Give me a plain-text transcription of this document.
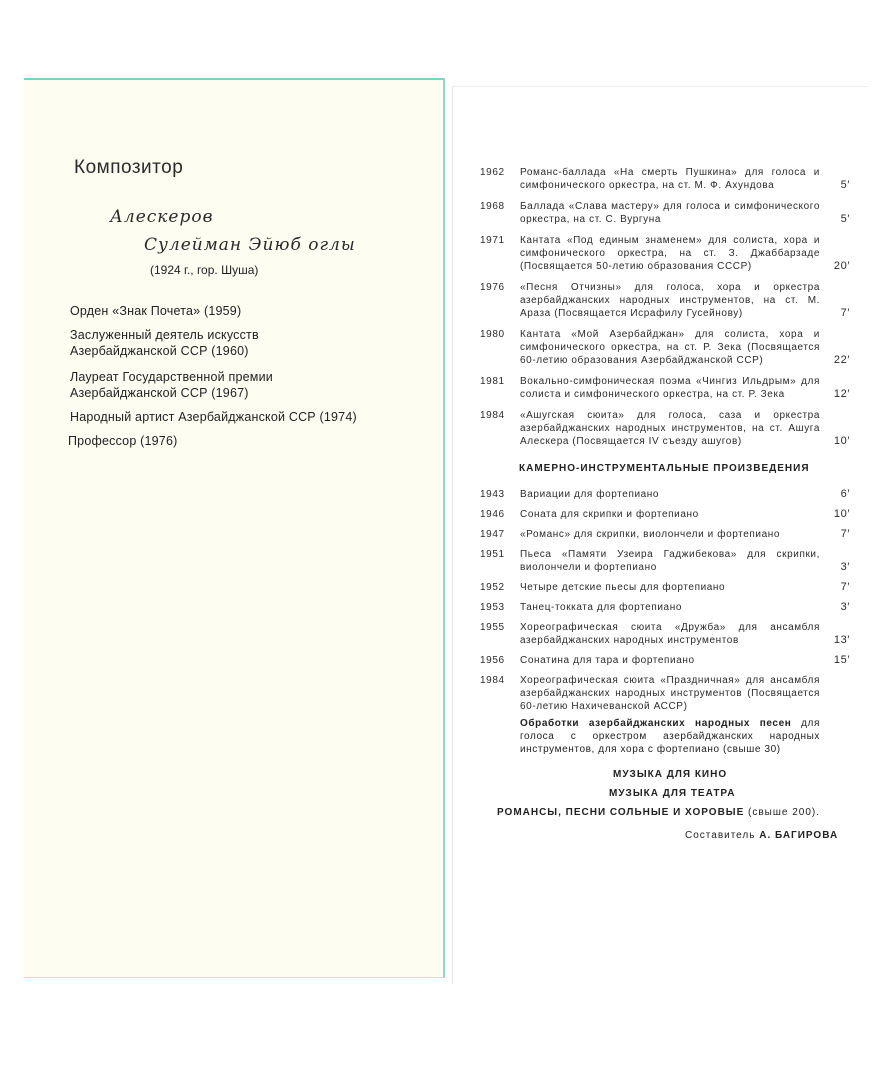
Композитор
Алескеров
Сулейман Эйюб оглы
(1924 г., гор. Шуша)
Орден «Знак Почета» (1959)
Заслуженный деятель искусств Азербайджанской ССР (1960)
Лауреат Государственной премии Азербайджанской ССР (1967)
Народный артист Азербайджанской ССР (1974)
Профессор (1976)
1962	Романс-баллада «На смерть Пушкина» для голоса и симфонического оркестра, на ст. М. Ф. Ахундова	5′
1968	Баллада «Слава мастеру» для голоса и симфонического оркестра, на ст. С. Вургуна	5′
1971	Кантата «Под единым знаменем» для солиста, хора и симфонического оркестра, на ст. З. Джаббарзаде (Посвящается 50-летию образования СССР)	20′
1976	«Песня Отчизны» для голоса, хора и оркестра азербайджанских народных инструментов, на ст. М. Араза (Посвящается Исрафилу Гусейнову)	7′
1980	Кантата «Мой Азербайджан» для солиста, хора и симфонического оркестра, на ст. Р. Зека (Посвящается 60-летию образования Азербайджанской ССР)	22′
1981	Вокально-симфоническая поэма «Чингиз Ильдрым» для солиста и симфонического оркестра, на ст. Р. Зека	12′
1984	«Ашугская сюита» для голоса, саза и оркестра азербайджанских народных инструментов, на ст. Ашуга Алескера (Посвящается IV съезду ашугов)	10′
КАМЕРНО-ИНСТРУМЕНТАЛЬНЫЕ ПРОИЗВЕДЕНИЯ
1943	Вариации для фортепиано	6′
1946	Соната для скрипки и фортепиано	10′
1947	«Романс» для скрипки, виолончели и фортепиано	7′
1951	Пьеса «Памяти Узеира Гаджибекова» для скрипки, виолончели и фортепиано	3′
1952	Четыре детские пьесы для фортепиано	7′
1953	Танец-токката для фортепиано	3′
1955	Хореографическая сюита «Дружба» для ансамбля азербайджанских народных инструментов	13′
1956	Сонатина для тара и фортепиано	15′
1984	Хореографическая сюита «Праздничная» для ансамбля азербайджанских народных инструментов (Посвящается 60-летию Нахичеванской АССР)
Обработки азербайджанских народных песен для голоса с оркестром азербайджанских народных инструментов, для хора с фортепиано (свыше 30)
МУЗЫКА ДЛЯ КИНО
МУЗЫКА ДЛЯ ТЕАТРА
РОМАНСЫ, ПЕСНИ СОЛЬНЫЕ И ХОРОВЫЕ (свыше 200).
Составитель А. БАГИРОВА
